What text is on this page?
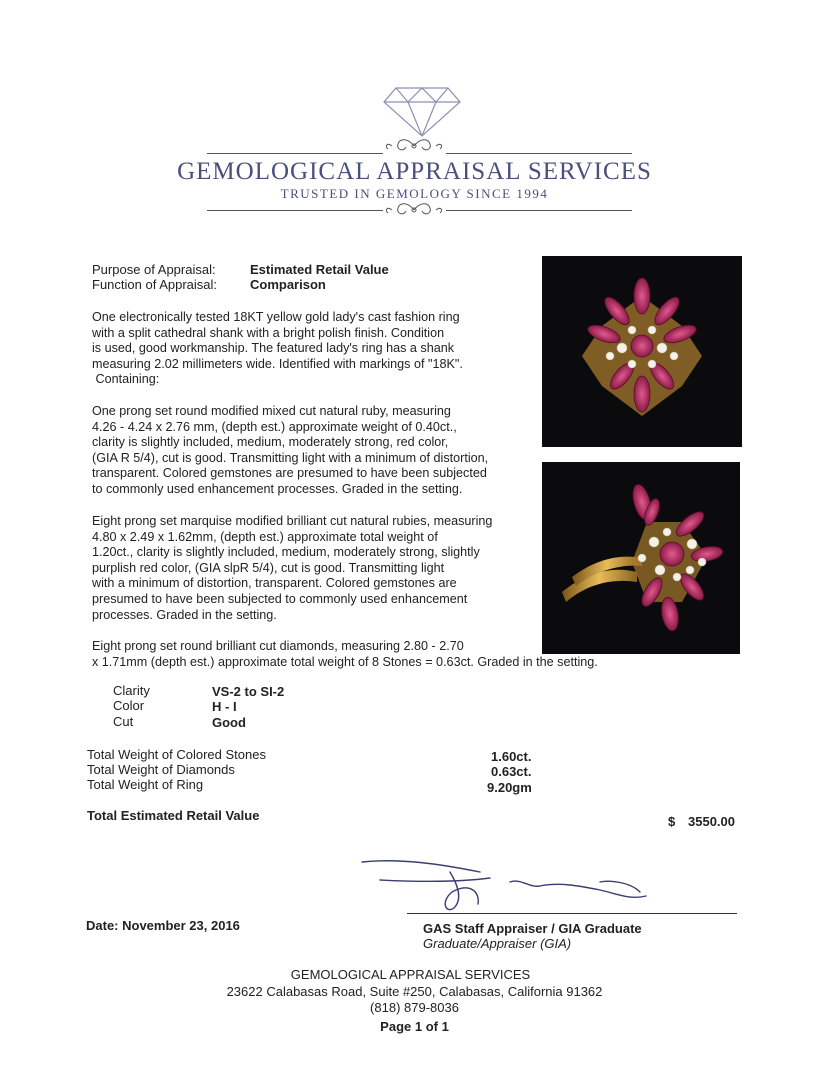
GEMOLOGICAL APPRAISAL SERVICES
TRUSTED IN GEMOLOGY SINCE 1994
Purpose of Appraisal:	Estimated Retail Value
Function of Appraisal:	Comparison
One electronically tested 18KT yellow gold lady's cast fashion ring
with a split cathedral shank with a bright polish finish. Condition
is used, good workmanship. The featured lady's ring has a shank
measuring 2.02 millimeters wide. Identified with markings of "18K".
Containing:
One prong set round modified mixed cut natural ruby, measuring
4.26 - 4.24 x 2.76 mm, (depth est.) approximate weight of 0.40ct.,
clarity is slightly included, medium, moderately strong, red color,
(GIA R 5/4), cut is good. Transmitting light with a minimum of distortion,
transparent. Colored gemstones are presumed to have been subjected
to commonly used enhancement processes. Graded in the setting.
Eight prong set marquise modified brilliant cut natural rubies, measuring
4.80 x 2.49 x 1.62mm, (depth est.) approximate total weight of
1.20ct., clarity is slightly included, medium, moderately strong, slightly
purplish red color, (GIA slpR 5/4), cut is good. Transmitting light
with a minimum of distortion, transparent. Colored gemstones are
presumed to have been subjected to commonly used enhancement
processes. Graded in the setting.
Eight prong set round brilliant cut diamonds, measuring 2.80 - 2.70
x 1.71mm (depth est.) approximate total weight of 8 Stones = 0.63ct. Graded in the setting.
Clarity	VS-2 to SI-2
Color	H - I
Cut	Good
Total Weight of Colored Stones	1.60ct.
Total Weight of Diamonds	0.63ct.
Total Weight of Ring	9.20gm
Total Estimated Retail Value	$ 3550.00
Date: November 23, 2016	GAS Staff Appraiser / GIA Graduate
Graduate/Appraiser (GIA)
GEMOLOGICAL APPRAISAL SERVICES
23622 Calabasas Road, Suite #250, Calabasas, California 91362
(818) 879-8036
Page 1 of 1
